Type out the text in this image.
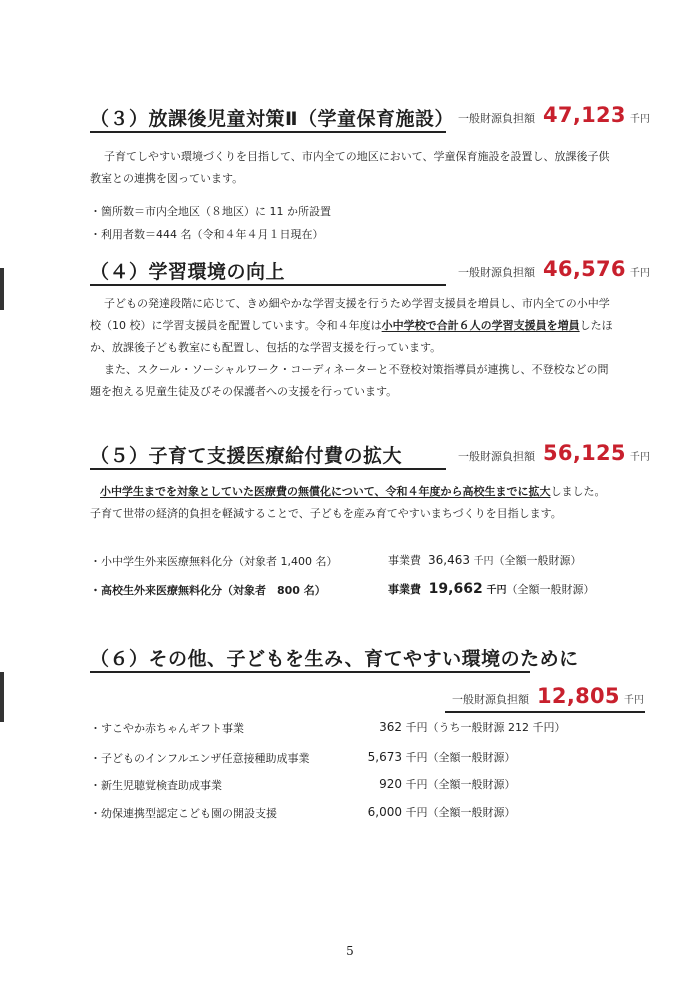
（３）放課後児童対策Ⅱ（学童保育施設） 一般財源負担額 47,123 千円
子育てしやすい環境づくりを目指して、市内全ての地区において、学童保育施設を設置し、放課後子供
教室との連携を図っています。
・箇所数＝市内全地区（８地区）に 11 か所設置
・利用者数＝444 名（令和４年４月１日現在）
（４）学習環境の向上	一般財源負担額 46,576 千円
子どもの発達段階に応じて、きめ細やかな学習支援を行うため学習支援員を増員し、市内全ての小中学
校（10 校）に学習支援員を配置しています。令和４年度は小中学校で合計６人の学習支援員を増員したほ
か、放課後子ども教室にも配置し、包括的な学習支援を行っています。
また、スクール・ソーシャルワーク・コーディネーターと不登校対策指導員が連携し、不登校などの問
題を抱える児童生徒及びその保護者への支援を行っています。
（５）子育て支援医療給付費の拡大	一般財源負担額 56,125 千円
小中学生までを対象としていた医療費の無償化について、令和４年度から高校生までに拡大しました。
子育て世帯の経済的負担を軽減することで、子どもを産み育てやすいまちづくりを目指します。
・小中学生外来医療無料化分（対象者 1,400 名）	事業費 36,463 千円（全額一般財源）
・高校生外来医療無料化分（対象者　800 名）	事業費 19,662 千円（全額一般財源）
（６）その他、子どもを生み、育てやすい環境のために
一般財源負担額 12,805 千円
・すこやか赤ちゃんギフト事業	362 千円（うち一般財源 212 千円）
・子どものインフルエンザ任意接種助成事業	5,673 千円（全額一般財源）
・新生児聴覚検査助成事業	920 千円（全額一般財源）
・幼保連携型認定こども園の開設支援	6,000 千円（全額一般財源）
5
